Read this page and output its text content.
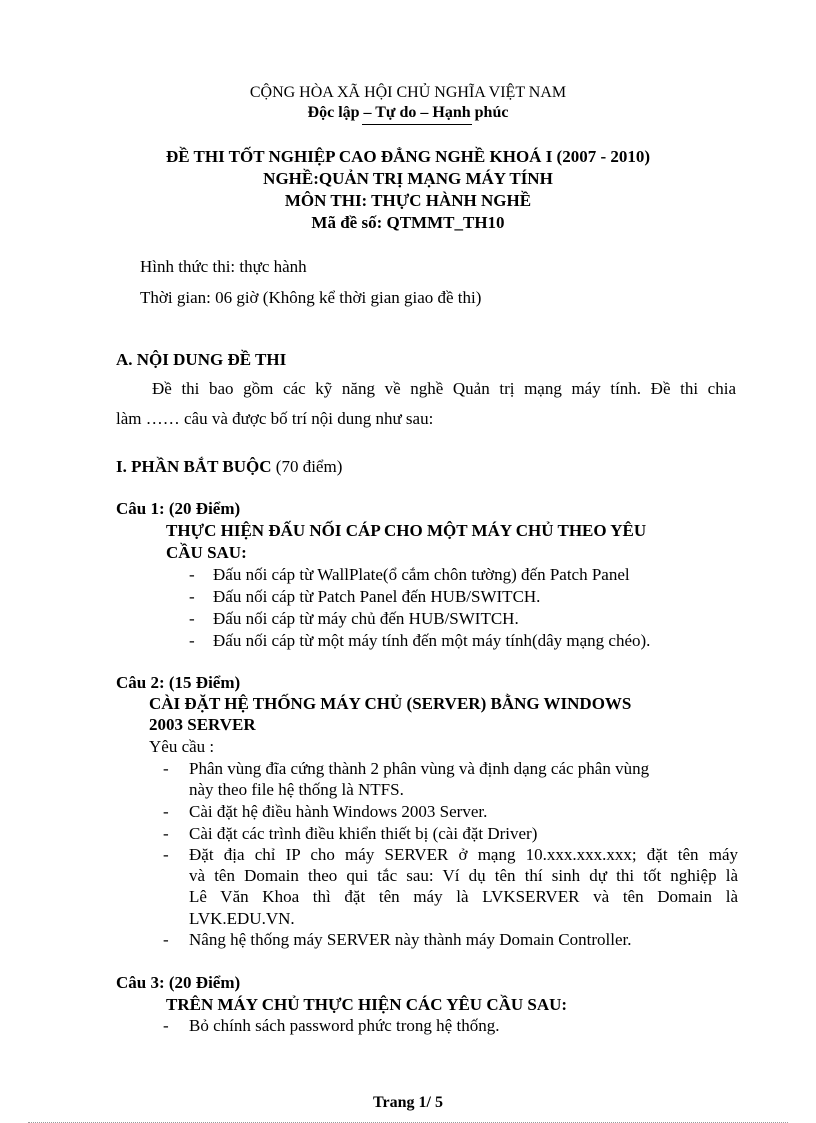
CỘNG HÒA XÃ HỘI CHỦ NGHĨA VIỆT NAM
Độc lập – Tự do – Hạnh phúc
ĐỀ THI TỐT NGHIỆP CAO ĐẲNG NGHỀ KHOÁ I (2007 - 2010)
NGHỀ:QUẢN TRỊ MẠNG MÁY TÍNH
MÔN THI: THỰC HÀNH NGHỀ
Mã đề số: QTMMT_TH10
Hình thức thi: thực hành
Thời gian: 06 giờ (Không kể thời gian giao đề thi)
A. NỘI DUNG ĐỀ THI
Đề thi bao gồm các kỹ năng về nghề Quản trị mạng máy tính. Đề thi chia
làm …… câu và được bố trí nội dung như sau:
I. PHẦN BẮT BUỘC (70 điểm)
Câu 1: (20 Điểm)
THỰC HIỆN ĐẤU NỐI CÁP CHO MỘT MÁY CHỦ THEO YÊU
CẦU SAU:
- Đấu nối cáp từ WallPlate(ổ cắm chôn tường) đến Patch Panel
- Đấu nối cáp từ Patch Panel đến HUB/SWITCH.
- Đấu nối cáp từ máy chủ đến HUB/SWITCH.
- Đấu nối cáp từ một máy tính đến một máy tính(dây mạng chéo).
Câu 2: (15 Điểm)
CÀI ĐẶT HỆ THỐNG MÁY CHỦ (SERVER) BẰNG WINDOWS
2003 SERVER
Yêu cầu :
- Phân vùng đĩa cứng thành 2 phân vùng và định dạng các phân vùng
này theo file hệ thống là NTFS.
- Cài đặt hệ điều hành Windows 2003 Server.
- Cài đặt các trình điều khiển thiết bị (cài đặt Driver)
- Đặt địa chỉ IP cho máy SERVER ở mạng 10.xxx.xxx.xxx; đặt tên máy
và tên Domain theo qui tắc sau: Ví dụ tên thí sinh dự thi tốt nghiệp là
Lê Văn Khoa thì đặt tên máy là LVKSERVER và tên Domain là
LVK.EDU.VN.
- Nâng hệ thống máy SERVER này thành máy Domain Controller.
Câu 3: (20 Điểm)
TRÊN MÁY CHỦ THỰC HIỆN CÁC YÊU CẦU SAU:
- Bỏ chính sách password phức trong hệ thống.
Trang 1/ 5
